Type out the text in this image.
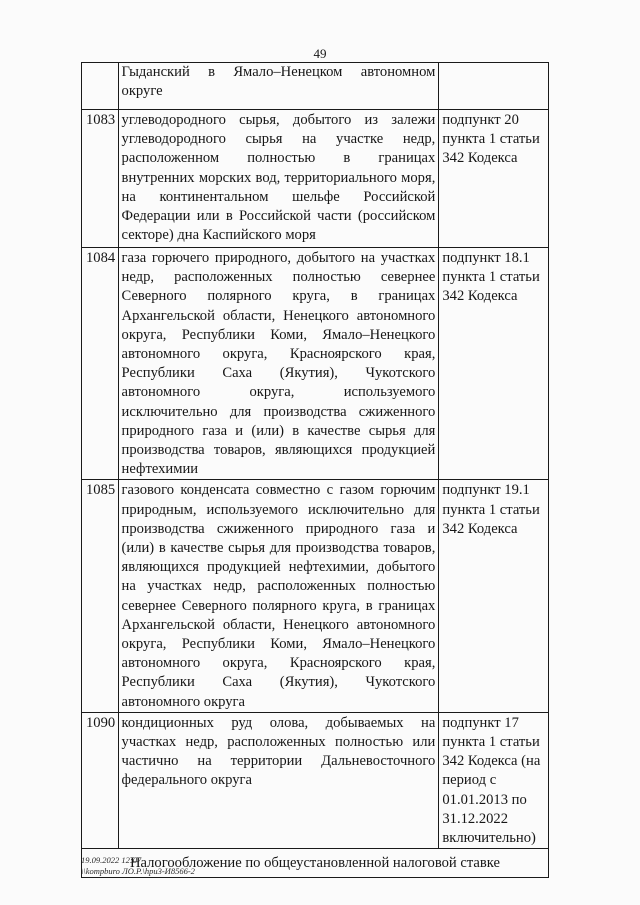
49
	Гыданский в Ямало–Ненецком автономном округе	
1083	углеводородного сырья, добытого из залежи углеводородного сырья на участке недр, расположенном полностью в границах внутренних морских вод, территориального моря, на континентальном шельфе Российской Федерации или в Российской части (российском секторе) дна Каспийского моря	подпункт 20 пункта 1 статьи 342 Кодекса
1084	газа горючего природного, добытого на участках недр, расположенных полностью севернее Северного полярного круга, в границах Архангельской области, Ненецкого автономного округа, Республики Коми, Ямало–Ненецкого автономного округа, Красноярского края, Республики Саха (Якутия), Чукотского автономного округа, используемого исключительно для производства сжиженного природного газа и (или) в качестве сырья для производства товаров, являющихся продукцией нефтехимии	подпункт 18.1 пункта 1 статьи 342 Кодекса
1085	газового конденсата совместно с газом горючим природным, используемого исключительно для производства сжиженного природного газа и (или) в качестве сырья для производства товаров, являющихся продукцией нефтехимии, добытого на участках недр, расположенных полностью севернее Северного полярного круга, в границах Архангельской области, Ненецкого автономного округа, Республики Коми, Ямало–Ненецкого автономного округа, Красноярского края, Республики Саха (Якутия), Чукотского автономного округа	подпункт 19.1 пункта 1 статьи 342 Кодекса
1090	кондиционных руд олова, добываемых на участках недр, расположенных полностью или частично на территории Дальневосточного федерального округа	подпункт 17 пункта 1 статьи 342 Кодекса (на период с 01.01.2013 по 31.12.2022 включительно)
Налогообложение по общеустановленной налоговой ставке		
19.09.2022 12:07
\\kompburo ЛО.Р.\hpu3-И8566-2
